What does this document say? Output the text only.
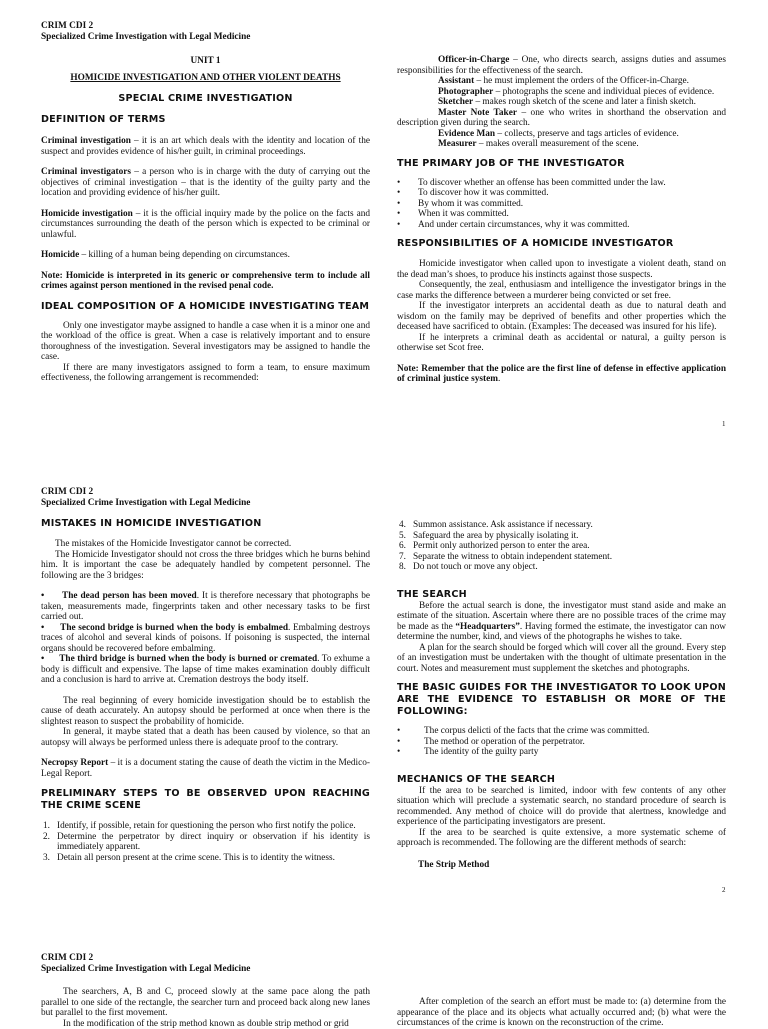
CRIM CDI 2
Specialized Crime Investigation with Legal Medicine
UNIT 1
HOMICIDE INVESTIGATION AND OTHER VIOLENT DEATHS
SPECIAL CRIME INVESTIGATION
DEFINITION OF TERMS

Criminal investigation – it is an art which deals with the identity and location of the suspect and provides evidence of his/her guilt, in criminal proceedings.

Criminal investigators – a person who is in charge with the duty of carrying out the objectives of criminal investigation – that is the identity of the guilty party and the location and providing evidence of his/her guilt.

Homicide investigation – it is the official inquiry made by the police on the facts and circumstances surrounding the death of the person which is expected to be criminal or unlawful.

Homicide – killing of a human being depending on circumstances.

Note: Homicide is interpreted in its generic or comprehensive term to include all crimes against person mentioned in the revised penal code.

IDEAL COMPOSITION OF A HOMICIDE INVESTIGATING TEAM

Only one investigator maybe assigned to handle a case when it is a minor one and the workload of the office is great. When a case is relatively important and to ensure thoroughness of the investigation. Several investigators may be assigned to handle the case.

If there are many investigators assigned to form a team, to ensure maximum effectiveness, the following arrangement is recommended:

Officer-in-Charge – One, who directs search, assigns duties and assumes responsibilities for the effectiveness of the search.

Assistant – he must implement the orders of the Officer-in-Charge.

Photographer – photographs the scene and individual pieces of evidence.

Sketcher – makes rough sketch of the scene and later a finish sketch.

Master Note Taker – one who writes in shorthand the observation and description given during the search.

Evidence Man – collects, preserve and tags articles of evidence.

Measurer – makes overall measurement of the scene.

THE PRIMARY JOB OF THE INVESTIGATOR
• To discover whether an offense has been committed under the law.
• To discover how it was committed.
• By whom it was committed.
• When it was committed.
• And under certain circumstances, why it was committed.
RESPONSIBILITIES OF A HOMICIDE INVESTIGATOR

Homicide investigator when called upon to investigate a violent death, stand on the dead man’s shoes, to produce his instincts against those suspects.

Consequently, the zeal, enthusiasm and intelligence the investigator brings in the case marks the difference between a murderer being convicted or set free.

If the investigator interprets an accidental death as due to natural death and wisdom on the family may be deprived of benefits and other properties which the deceased have sacrificed to obtain. (Examples: The deceased was insured for his life).

If he interprets a criminal death as accidental or natural, a guilty person is otherwise set Scot free.

Note: Remember that the police are the first line of defense in effective application of criminal justice system.

1
CRIM CDI 2
Specialized Crime Investigation with Legal Medicine
MISTAKES IN HOMICIDE INVESTIGATION

The mistakes of the Homicide Investigator cannot be corrected.

The Homicide Investigator should not cross the three bridges which he burns behind him. It is important the case be adequately handled by competent personnel. The following are the 3 bridges:

•      The dead person has been moved. It is therefore necessary that photographs be taken, measurements made, fingerprints taken and other necessary tasks to be first carried out.

•      The second bridge is burned when the body is embalmed. Embalming destroys traces of alcohol and several kinds of poisons. If poisoning is suspected, the internal organs should be recovered before embalming.

•      The third bridge is burned when the body is burned or cremated. To exhume a body is difficult and expensive. The lapse of time makes examination doubly difficult and a conclusion is hard to arrive at. Cremation destroys the body itself.

The real beginning of every homicide investigation should be to establish the cause of death accurately. An autopsy should be performed at once when there is the slightest reason to suspect the probability of homicide.

In general, it maybe stated that a death has been caused by violence, so that an autopsy will always be performed unless there is adequate proof to the contrary.

Necropsy Report – it is a document stating the cause of death the victim in the Medico-Legal Report.

PRELIMINARY STEPS TO BE OBSERVED UPON REACHING THE CRIME SCENE
1. Identify, if possible, retain for questioning the person who first notify the police.
2. Determine the perpetrator by direct inquiry or observation if his identity is immediately apparent.
3. Detain all person present at the crime scene. This is to identity the witness.
4. Summon assistance. Ask assistance if necessary.
5. Safeguard the area by physically isolating it.
6. Permit only authorized person to enter the area.
7. Separate the witness to obtain independent statement.
8. Do not touch or move any object.
THE SEARCH

Before the actual search is done, the investigator must stand aside and make an estimate of the situation. Ascertain where there are no possible traces of the crime may be made as the “Headquarters”. Having formed the estimate, the investigator can now determine the number, kind, and views of the photographs he wishes to take.

A plan for the search should be forged which will cover all the ground. Every step of an investigation must be undertaken with the thought of ultimate presentation in the court. Notes and measurement must supplement the sketches and photographs.

THE BASIC GUIDES FOR THE INVESTIGATOR TO LOOK UPON ARE THE EVIDENCE TO ESTABLISH OR MORE OF THE FOLLOWING:
• The corpus delicti of the facts that the crime was committed.
• The method or operation of the perpetrator.
• The identity of the guilty party
MECHANICS OF THE SEARCH

If the area to be searched is limited, indoor with few contents of any other situation which will preclude a systematic search, no standard procedure of search is recommended. Any method of choice will do provide that alertness, knowledge and experience of the participating investigators are present.

If the area to be searched is quite extensive, a more systematic scheme of approach is recommended. The following are the different methods of search:

The Strip Method

2
CRIM CDI 2
Specialized Crime Investigation with Legal Medicine

The searchers, A, B and C, proceed slowly at the same pace along the path parallel to one side of the rectangle, the searcher turn and proceed back along new lanes but parallel to the first movement.

In the modification of the strip method known as double strip method or grid

After completion of the search an effort must be made to: (a) determine from the appearance of the place and its objects what actually occurred and; (b) what were the circumstances of the crime is known on the reconstruction of the crime.
